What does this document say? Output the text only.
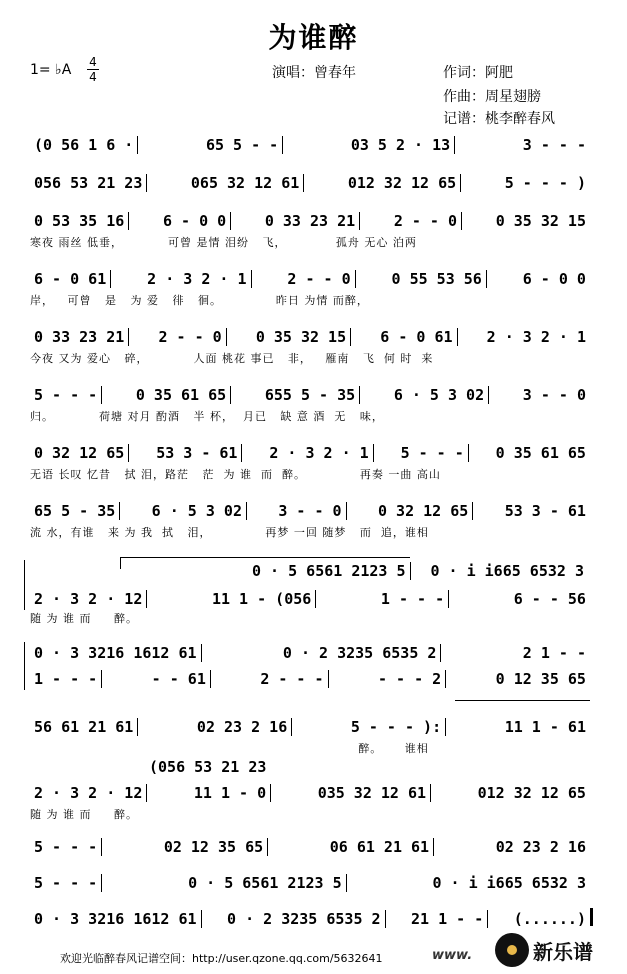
为谁醉
1= ♭A 4
4	演唱：曾春年	作词：阿肥
作曲：周星翅膀
记谱：桃李醉春风
(0 56 1 6 ·	65 5 - -	03 5 2 · 13	3 - - -
056 53 21 23	065 32 12 61	012 32 12 65	5 - - - )
0 53 35 16	6 - 0 0	0 33 23 21	2 - - 0	0 35 32 15
寒夜 雨丝 低垂，          可曾 是情 泪纷   飞，           孤舟 无心 泊两
6 - 0 61	2 · 3 2 · 1	2 - - 0	0 55 53 56	6 - 0 0
岸，   可曾   是   为 爱   徘   徊。            昨日 为情 而醉，
0 33 23 21	2 - - 0	0 35 32 15	6 - 0 61	2 · 3 2 · 1
今夜 又为 爱心   碎，          人面 桃花 事已   非，   雁南   飞  何 时  来
5 - - -	0 35 61 65	655 5 - 35	6 · 5 3 02	3 - - 0
归。          荷塘 对月 酌酒   半 杯，  月已   缺 意 酒  无   味，
0 32 12 65	53 3 - 61	2 · 3 2 · 1	5 - - -	0 35 61 65
无语 长叹 忆昔   拭 泪，路茫   茫  为 谁  而  醉。            再奏 一曲 高山
65 5 - 35	6 · 5 3 02	3 - - 0	0 32 12 65	53 3 - 61
流 水，有谁   来 为 我  拭   泪，            再梦 一回 随梦   而  追，谁相
0 · 5 6561 2123 5	0 · i i665 6532 3
2 · 3 2 · 12	11 1 - (056	1 - - -	6 - - 56
随 为 谁 而     醉。
0 · 3 3216 1612 61	0 · 2 3235 6535 2	2 1 - -
1 - - -	- - 61	2 - - -	- - - 2	0 12 35 65
56 61 21 61	02 23 2 16	5 - - - ):	11 1 - 61
醉。     谁相
(056 53 21 23
2 · 3 2 · 12	11 1 - 0	035 32 12 61	012 32 12 65
随 为 谁 而     醉。
5 - - -	02 12 35 65	06 61 21 61	02 23 2 16
5 - - -	0 · 5 6561 2123 5	0 · i i665 6532 3
0 · 3 3216 1612 61	0 · 2 3235 6535 2	21 1 - -	(......)
欢迎光临醉春风记谱空间：http://user.qzone.qq.com/5632641	www.	新乐谱
